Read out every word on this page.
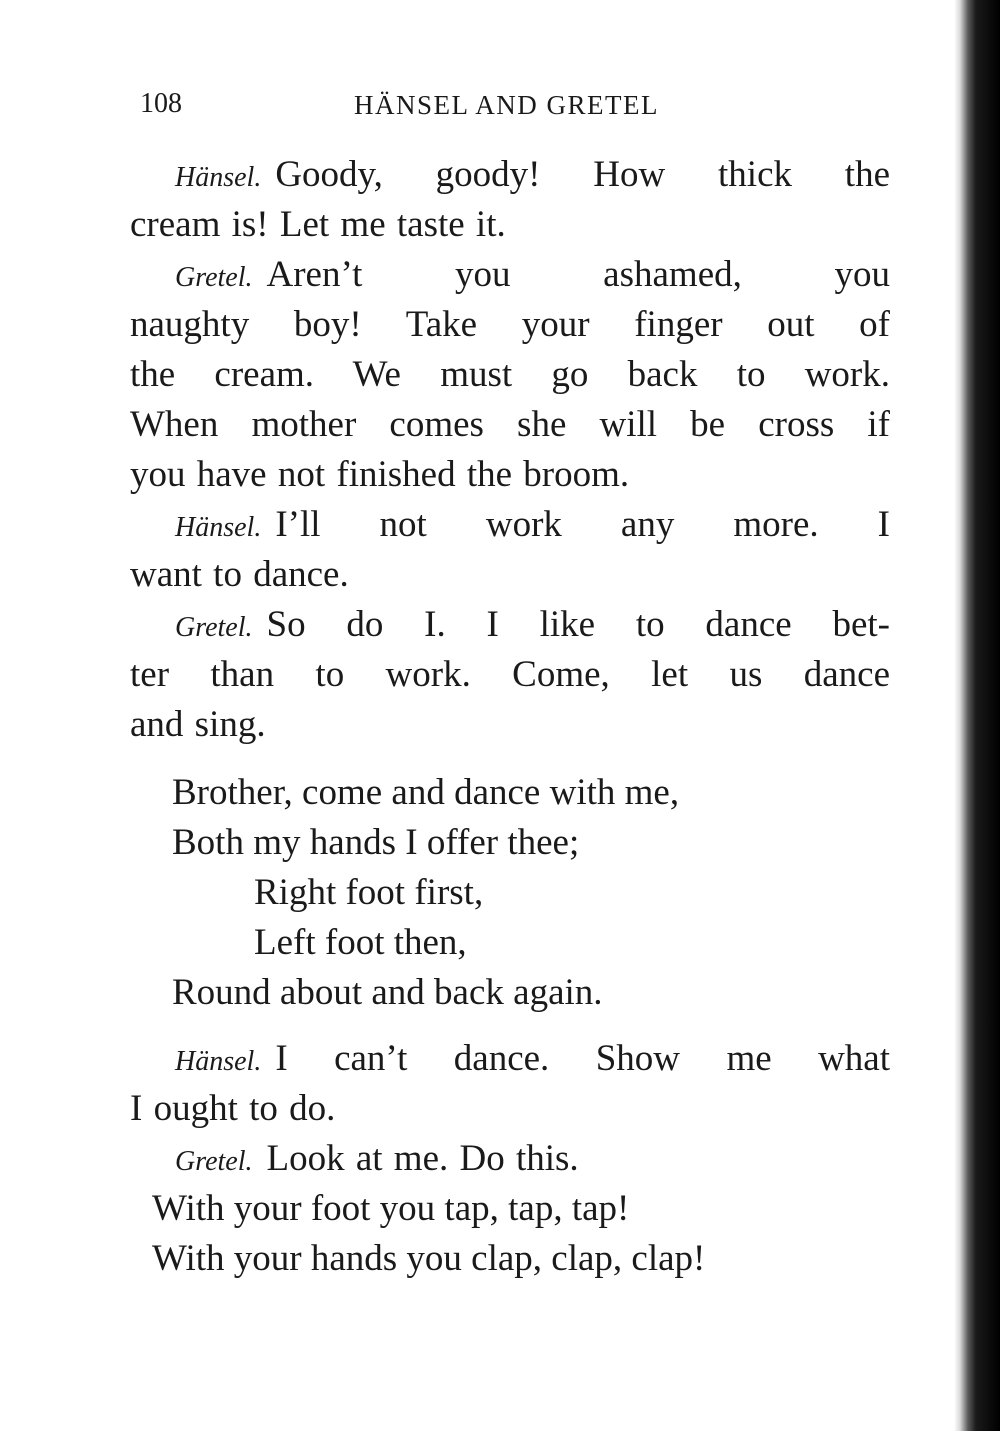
108	HÄNSEL AND GRETEL
Hänsel. Goody, goody! How thick the
cream is! Let me taste it.
Gretel. Aren’t you ashamed, you
naughty boy! Take your finger out of
the cream. We must go back to work.
When mother comes she will be cross if
you have not finished the broom.
Hänsel. I’ll not work any more. I
want to dance.
Gretel. So do I. I like to dance bet-
ter than to work. Come, let us dance
and sing.
Brother, come and dance with me,
Both my hands I offer thee;
Right foot first,
Left foot then,
Round about and back again.
Hänsel. I can’t dance. Show me what
I ought to do.
Gretel. Look at me. Do this.
With your foot you tap, tap, tap!
With your hands you clap, clap, clap!
